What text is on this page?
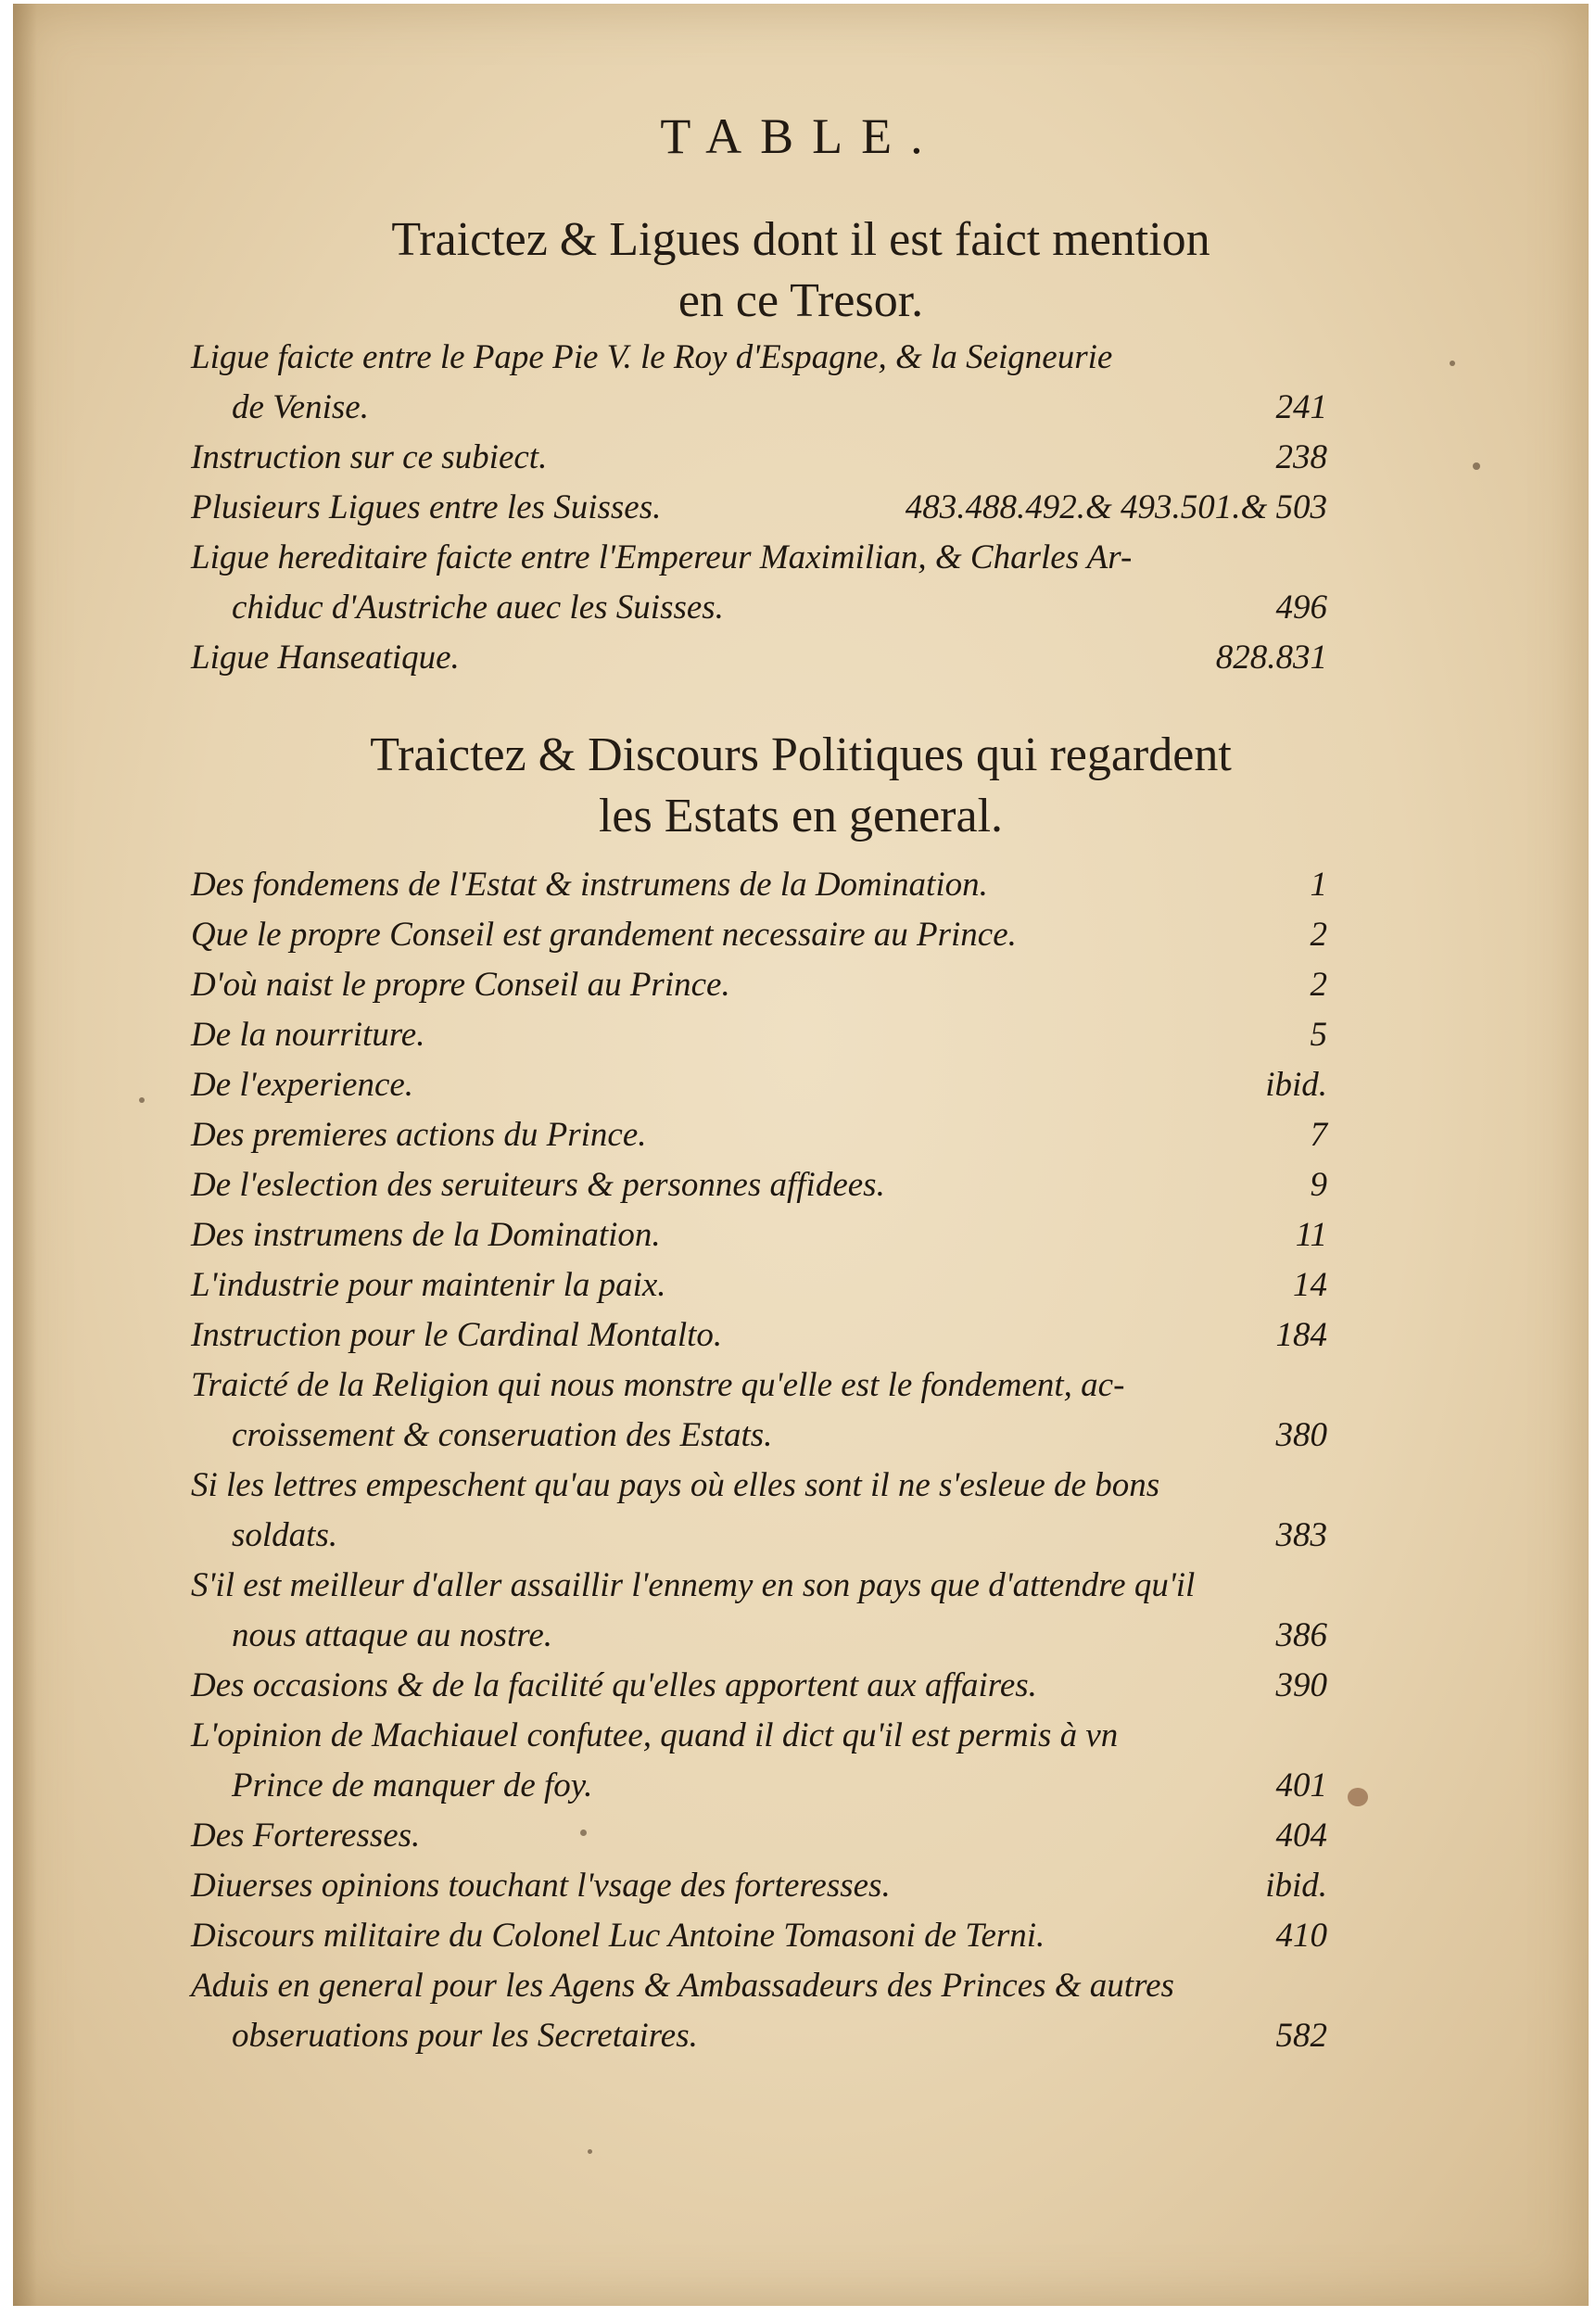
TABLE.
Traictez & Ligues dont il est faict mention
en ce Tresor.
Ligue faicte entre le Pape Pie V. le Roy d'Espagne, & la Seigneurie
de Venise.	241
Instruction sur ce subiect.	238
Plusieurs Ligues entre les Suisses.	483.488.492.& 493.501.& 503
Ligue hereditaire faicte entre l'Empereur Maximilian, & Charles Ar-
chiduc d'Austriche auec les Suisses.	496
Ligue Hanseatique.	828.831
Traictez & Discours Politiques qui regardent
les Estats en general.
Des fondemens de l'Estat & instrumens de la Domination.	1
Que le propre Conseil est grandement necessaire au Prince.	2
D'où naist le propre Conseil au Prince.	2
De la nourriture.	5
De l'experience.	ibid.
Des premieres actions du Prince.	7
De l'eslection des seruiteurs & personnes affidees.	9
Des instrumens de la Domination.	11
L'industrie pour maintenir la paix.	14
Instruction pour le Cardinal Montalto.	184
Traicté de la Religion qui nous monstre qu'elle est le fondement, ac-
croissement & conseruation des Estats.	380
Si les lettres empeschent qu'au pays où elles sont il ne s'esleue de bons
soldats.	383
S'il est meilleur d'aller assaillir l'ennemy en son pays que d'attendre qu'il
nous attaque au nostre.	386
Des occasions & de la facilité qu'elles apportent aux affaires.	390
L'opinion de Machiauel confutee, quand il dict qu'il est permis à vn
Prince de manquer de foy.	401
Des Forteresses.	404
Diuerses opinions touchant l'vsage des forteresses.	ibid.
Discours militaire du Colonel Luc Antoine Tomasoni de Terni.	410
Aduis en general pour les Agens & Ambassadeurs des Princes & autres
obseruations pour les Secretaires.	582
